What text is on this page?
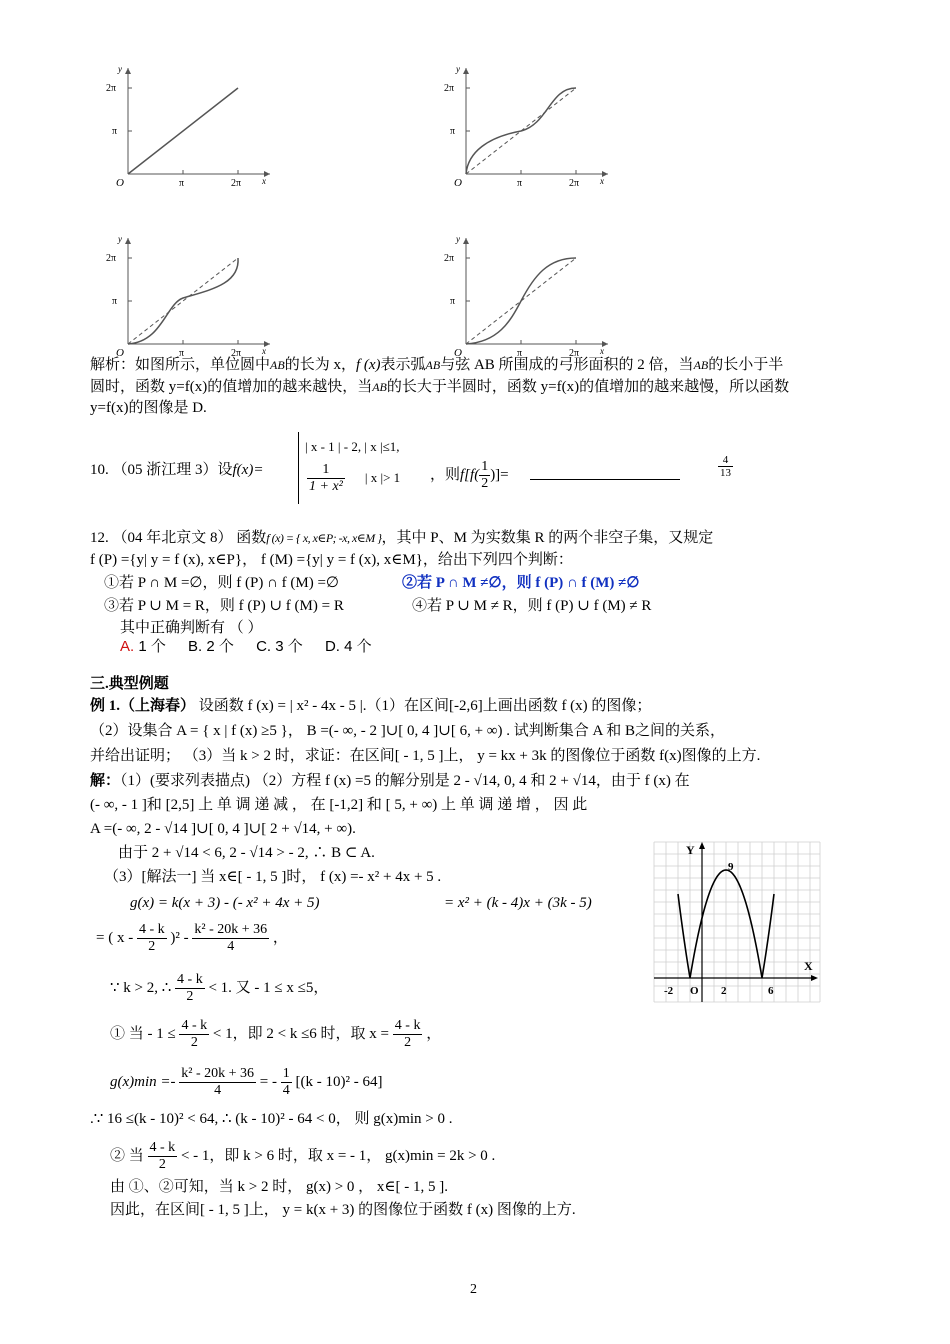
y
2π
π
O	π	2π x
y
2π
π
O	π	2π x
y
2π
π
O	π	2π x
y
2π
π
O	π	2π x
解析：如图所示，单位圆中AB的长为 x，f (x)表示弧AB与弦 AB 所围成的弓形面积的 2 倍，当AB的长小于半
圆时，函数 y=f(x)的值增加的越来越快，当AB的长大于半圆时，函数 y=f(x)的值增加的越来越慢，所以函数
y=f(x)的图像是 D.
10. （05 浙江理 3）设f(x)=
| x - 1 | - 2, | x |≤1,
$\frac{1}{\text{1 + x²}}$ | x |> 1 ，则$f[f( \frac{1}{2}$ )]=	$\frac{4}{13}$
12. （04 年北京文 8） 函数f (x) = { x, x∈P; -x, x∈M }，其中 P、M 为实数集 R 的两个非空子集，又规定
f (P) ={y| y = f (x), x∈P}， f (M) ={y| y = f (x), x∈M}，给出下列四个判断：
①若 P ∩ M =∅，则 f (P) ∩ f (M) =∅	②若 P ∩ M ≠∅，则 f (P) ∩ f (M) ≠∅
③若 P ∪ M = R，则 f (P) ∪ f (M) = R	④若 P ∪ M ≠ R，则 f (P) ∪ f (M) ≠ R
其中正确判断有 （ ）
A. 1 个 B. 2 个 C. 3 个 D. 4 个
三.典型例题
例 1.（上海春） 设函数 f (x) = | x² - 4x - 5 |.（1）在区间[-2,6]上画出函数 f (x) 的图像；
（2）设集合 A = { x | f (x) ≥5 }， B =(- ∞, - 2 ]∪[ 0, 4 ]∪[ 6, + ∞) . 试判断集合 A 和 B之间的关系，
并给出证明； （3）当 k > 2 时，求证：在区间[ - 1, 5 ]上， y = kx + 3k 的图像位于函数 f(x)图像的上方.
解：（1）(要求列表描点) （2）方程 f (x) =5 的解分别是 2 - √14, 0, 4 和 2 + √14，由于 f (x) 在
(- ∞, - 1 ]和 [2,5] 上 单 调 递 减 ， 在 [-1,2] 和 [ 5, + ∞) 上 单 调 递 增 ， 因 此
A =(- ∞, 2 - √14 ]∪[ 0, 4 ]∪[ 2 + √14, + ∞).
由于 2 + √14 < 6, 2 - √14 > - 2, ∴ B ⊂ A.
（3）[解法一] 当 x∈[ - 1, 5 ]时， f (x) =- x² + 4x + 5 .
g(x) = k(x + 3) - (- x² + 4x + 5)	= x² + (k - 4)x + (3k - 5)
= ( x - $\frac{4 - k}{2} )^2 - \frac{\text{k² - 20k + 36}}{4}$ ，
∵ k > 2, ∴ $\frac{4 - k}{2} < 1$. 又 - 1 ≤ x ≤5，
① 当 - $1 \le \frac{4 - k}{2} < 1$，即 2 < k ≤6 时，取 $x = \frac{4 - k}{2}$ ，
$g(x)\min =- \frac{\text{k² - 20k + 36}}{4}$ = - $\frac{1}{4} [(k - 10)^2 - 64]$
.∵ 16 ≤(k - 10)² < 64, ∴ (k - 10)² - 64 < 0， 则 g(x)min > 0 .
② 当 $\frac{4 - k}{2}$ < - 1，即 k > 6 时，取 x = - 1， g(x)min = 2k > 0 .
由 ①、②可知，当 k > 2 时， g(x) > 0 ， x∈[ - 1, 5 ].
因此，在区间[ - 1, 5 ]上， y = k(x + 3) 的图像位于函数 f (x) 图像的上方.
Y
X
9
-2 O 2	6
2
